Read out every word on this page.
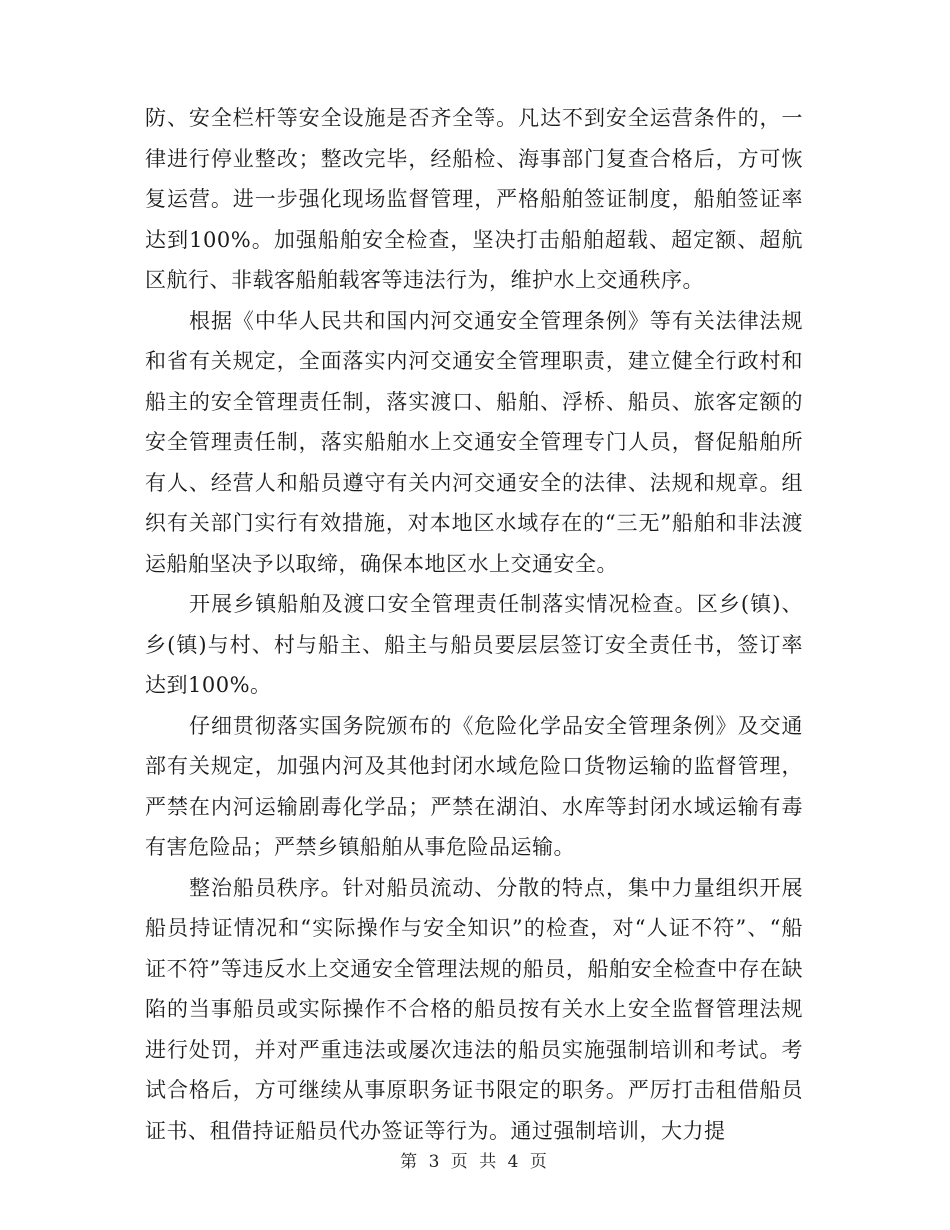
防、安全栏杆等安全设施是否齐全等。凡达不到安全运营条件的，一律进行停业整改；整改完毕，经船检、海事部门复查合格后，方可恢复运营。进一步强化现场监督管理，严格船舶签证制度，船舶签证率达到100%。加强船舶安全检查，坚决打击船舶超载、超定额、超航区航行、非载客船舶载客等违法行为，维护水上交通秩序。

根据《中华人民共和国内河交通安全管理条例》等有关法律法规和省有关规定，全面落实内河交通安全管理职责，建立健全行政村和船主的安全管理责任制，落实渡口、船舶、浮桥、船员、旅客定额的安全管理责任制，落实船舶水上交通安全管理专门人员，督促船舶所有人、经营人和船员遵守有关内河交通安全的法律、法规和规章。组织有关部门实行有效措施，对本地区水域存在的“三无”船舶和非法渡运船舶坚决予以取缔，确保本地区水上交通安全。

开展乡镇船舶及渡口安全管理责任制落实情况检查。区乡(镇)、乡(镇)与村、村与船主、船主与船员要层层签订安全责任书，签订率达到100%。

仔细贯彻落实国务院颁布的《危险化学品安全管理条例》及交通部有关规定，加强内河及其他封闭水域危险口货物运输的监督管理，严禁在内河运输剧毒化学品；严禁在湖泊、水库等封闭水域运输有毒有害危险品；严禁乡镇船舶从事危险品运输。

整治船员秩序。针对船员流动、分散的特点，集中力量组织开展船员持证情况和“实际操作与安全知识”的检查，对“人证不符”、“船证不符”等违反水上交通安全管理法规的船员，船舶安全检查中存在缺陷的当事船员或实际操作不合格的船员按有关水上安全监督管理法规进行处罚，并对严重违法或屡次违法的船员实施强制培训和考试。考试合格后，方可继续从事原职务证书限定的职务。严厉打击租借船员证书、租借持证船员代办签证等行为。通过强制培训，大力提

第 3 页 共 4 页
